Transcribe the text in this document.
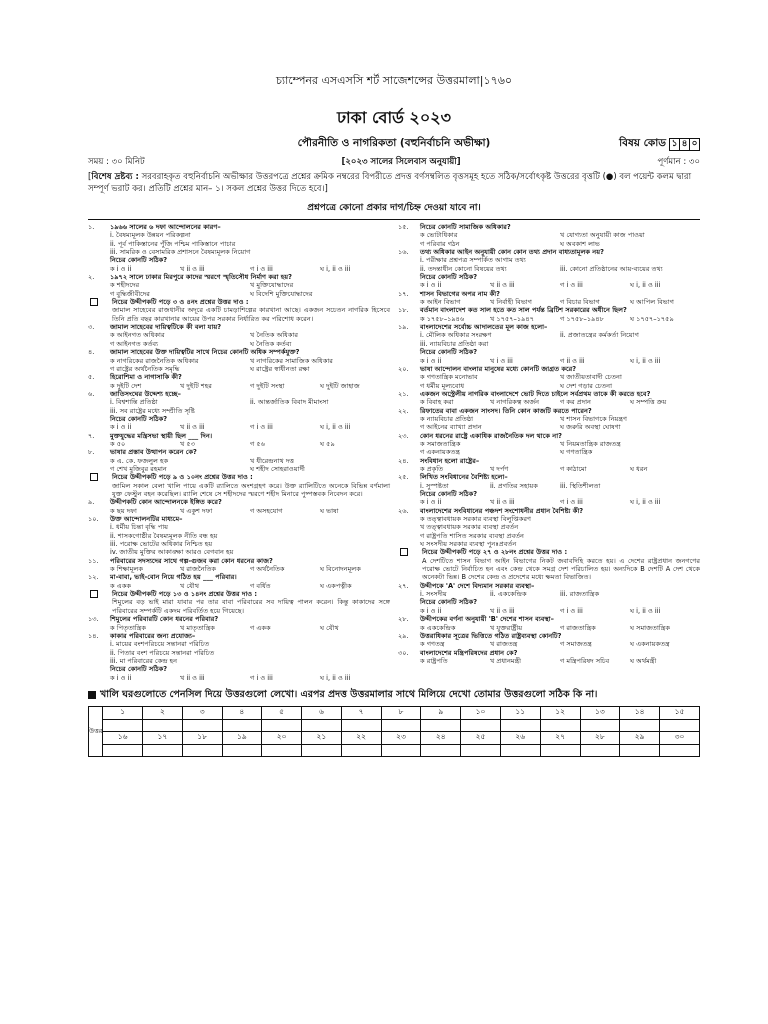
চ্যাম্পেনর এসএসসি শর্ট সাজেশন্সের উত্তরমালা|১৭৬০
ঢাকা বোর্ড ২০২৩
পৌরনীতি ও নাগরিকতা (বহুনির্বাচনি অভীক্ষা)	বিষয় কোড ১ ৪ ০
সময় : ৩০ মিনিট	[২০২৩ সালের সিলেবাস অনুযায়ী]	পূর্ণমান : ৩০
[বিশেষ দ্রষ্টব্য : সরবরাহকৃত বহুনির্বাচনি অভীক্ষার উত্তরপত্রে প্রশ্নের ক্রমিক নম্বরের বিপরীতে প্রদত্ত বর্ণসম্বলিত বৃত্তসমূহ হতে সঠিক/সর্বোৎকৃষ্ট উত্তরের বৃত্তটি (●) বল পয়েন্ট কলম দ্বারা সম্পূর্ণ ভরাট কর। প্রতিটি প্রশ্নের মান– ১। সকল প্রশ্নের উত্তর দিতে হবে।]
প্রশ্নপত্রে কোনো প্রকার দাগ/চিহ্ন দেওয়া যাবে না।
১.	১৯৬৬ সালের ৬ দফা আন্দোলনের কারণ–
i. বৈষম্যমূলক উন্নয়ন পরিকল্পনা
ii. পূর্ব পাকিস্তানের পুঁজি পশ্চিম পাকিস্তানে পাচার
iii. সামরিক ও বেসামরিক প্রশাসনে বৈষম্যমূলক নিয়োগ
নিচের কোনটি সঠিক?
ক i ও ii	খ ii ও iii	গ i ও iii	ঘ i, ii ও iii
২.	১৯৭২ সালে ঢাকার মিরপুরে কাদের স্মরণে স্মৃতিসৌধ নির্মাণ করা হয়?
ক শহীদদের	খ মুক্তিযোদ্ধাদের
গ বুদ্ধিজীবীদের	ঘ বিদেশি মুক্তিযোদ্ধাদের
নিচের উদ্দীপকটি পড়ে ৩ ও ৪নং প্রশ্নের উত্তর দাও :
জামাল সাহেবের রাজধানীর অদূরে একটি চামড়াশিল্পের কারখানা আছে। একজন সচেতন নাগরিক হিসেবে তিনি প্রতি বছর কারখানার আয়ের উপর সরকার নির্ধারিত কর পরিশোধ করেন।
৩.	জামাল সাহেবের দায়িত্বটিকে কী বলা যায়?
ক আইনগত অধিকার	খ নৈতিক অধিকার
গ আইনগত কর্তব্য	ঘ নৈতিক কর্তব্য
৪.	জামাল সাহেবের উক্ত দায়িত্বটির সাথে নিচের কোনটি অধিক সম্পর্কযুক্ত?
ক নাগরিকের রাজনৈতিক অধিকার	খ নাগরিকের সামাজিক অধিকার
গ রাষ্ট্রের অর্থনৈতিক সমৃদ্ধি	ঘ রাষ্ট্রের স্বাধীনতা রক্ষা
৫.	হিরোশিমা ও নাগাসাকি কী?
ক দুইটি দেশ	খ দুইটি শহর	গ দুইটি সংস্থা	ঘ দুইটি জাহাজ
৬.	জাতিসংঘের উদ্দেশ্য হচ্ছে–
i. বিশ্বশান্তি প্রতিষ্ঠা	ii. আন্তর্জাতিক বিবাদ মীমাংসা
iii. সব রাষ্ট্রের মধ্যে সম্প্রীতি সৃষ্টি
নিচের কোনটি সঠিক?
ক i ও ii	খ ii ও iii	গ i ও iii	ঘ i, ii ও iii
৭.	মুক্তযুদ্ধের মন্ত্রিসভা স্থায়ী ছিল ___ দিন।
ক ৫০	খ ৫৩	গ ৫৬	ঘ ৫৯
৮.	ভাষার প্রস্তাব উত্থাপন করেন কে?
ক এ. কে. ফজলুল হক	খ ধীরেন্দ্রনাথ দত্ত
গ শেখ মুজিবুর রহমান	ঘ শহীদ সোহরাওয়ার্দী
নিচের উদ্দীপকটি পড়ে ৯ ও ১০নং প্রশ্নের উত্তর দাও :
জামিল সকাল বেলা খালি পায়ে একটি র‍্যালিতে অংশগ্রহণ করে। উক্ত র‍্যালিটিতে অনেকে বিভিন্ন বর্ণমালা যুক্ত ফেস্টুন বহন করেছিল। র‍্যালি শেষে সে শহীদদের স্মরণে শহীদ মিনারে পুষ্পস্তবক নিবেদন করে।
৯.	উদ্দীপকটি কোন আন্দোলনকে ইঙ্গিত করে?
ক ছয় দফা	খ একুশ দফা	গ অসহযোগ	ঘ ভাষা
১০.	উক্ত আন্দোলনটির মাধ্যমে–
i. ধর্মীয় চিন্তা বৃদ্ধি পায়
ii. শাসকগোষ্ঠীর বৈষম্যমূলক নীতি বন্ধ হয়
iii. পরোক্ষ ভোটের অধিকার নিশ্চিত হয়
iv. জাতীয় মুক্তির আকাঙ্ক্ষা আরও বেগবান হয়
১১.	পরিবারের সদস্যদের সাথে গল্প-গুজব করা কোন ধরনের কাজ?
ক শিক্ষামূলক	খ রাজনৈতিক	গ অর্থনৈতিক	ঘ বিনোদনমূলক
১২.	মা-বাবা, ভাই-বোন নিয়ে গঠিত হয় ___ পরিবার।
ক একক	খ যৌথ	গ বর্ধিত	ঘ একপত্নীক
নিচের উদ্দীপকটি পড়ে ১৩ ও ১৪নং প্রশ্নের উত্তর দাও :
শিমুলের বড় ভাই মারা যাবার পর তার বাবা পরিবারের সব দায়িত্ব পালন করেন। কিন্তু কাকাদের সঙ্গে পরিবারের সম্পর্কটি একদম পরিবর্তিত হয়ে গিয়েছে।
১৩.	শিমুলের পরিবারটি কোন ধরনের পরিবার?
ক পিতৃতান্ত্রিক	খ মাতৃতান্ত্রিক	গ একক	ঘ যৌথ
১৪.	কাকার পরিবারের জন্য প্রযোজ্য–
i. মায়ের বংশপরিচয়ে সন্তানরা পরিচিত
ii. পিতার বংশ পরিচয়ে সন্তানরা পরিচিত
iii. মা পরিবারের কেন্দ্র হন
নিচের কোনটি সঠিক?
ক i ও ii	খ ii ও iii	গ i ও iii	ঘ i, ii ও iii
১৫.	নিচের কোনটি সামাজিক অধিকার?
ক ভোটাধিকার	খ যোগ্যতা অনুযায়ী কাজ পাওয়া
গ পরিবার গঠন	ঘ অবকাশ লাভ
১৬.	তথ্য অধিকার আইন অনুযায়ী কোন কোন তথ্য প্রদান বাধ্যতামূলক নয়?
i. পরীক্ষার প্রশ্নপত্র সম্পর্কিত আগাম তথ্য
ii. তদন্তাধীন কোনো বিষয়ের তথ্য	iii. কোনো প্রতিষ্ঠানের আয়-ব্যয়ের তথ্য
নিচের কোনটি সঠিক?
ক i ও ii	খ ii ও iii	গ i ও iii	ঘ i, ii ও iii
১৭.	শাসন বিভাগের অপর নাম কী?
ক আইন বিভাগ	খ নির্বাহী বিভাগ	গ বিচার বিভাগ	ঘ আপিল বিভাগ
১৮.	বর্তমান বাংলাদেশ কত সাল হতে কত সাল পর্যন্ত ব্রিটিশ সরকারের অধীনে ছিল?
ক ১৭৫৮–১৯৪৬	খ ১৭৫৭–১৯৪৭	গ ১৭৫৮–১৯৪৮	ঘ ১৭৫৭–১৭৫৯
১৯.	বাংলাদেশের সর্বোচ্চ আদালতের মূল কাজ হলো–
i. মৌলিক অধিকার সংরক্ষণ	ii. প্রজাতন্ত্রের কর্মকর্তা নিয়োগ
iii. ন্যায়বিচার প্রতিষ্ঠা করা
নিচের কোনটি সঠিক?
ক i ও ii	খ i ও iii	গ ii ও iii	ঘ i, ii ও iii
২০.	ভাষা আন্দোলন বাংলার মানুষের মধ্যে কোনটি জাগ্রত করে?
ক গণতান্ত্রিক মনোভাব	খ জাতীয়তাবাদী চেতনা
গ ধর্মীয় মূল্যবোধ	ঘ দেশ গড়ার চেতনা
২১.	একজন অস্ট্রেলীয় নাগরিক বাংলাদেশে ভোট দিতে চাইলে সর্বপ্রথম তাকে কী করতে হবে?
ক বিবাহ করা	খ নাগরিকত্ব অর্জন	গ কর প্রদান	ঘ সম্পত্তি ক্রয়
২২.	রিফাতের বাবা একজন সাংসদ। তিনি কোন কাজটি করতে পারেন?
ক ন্যায়বিচার প্রতিষ্ঠা	খ শাসন বিভাগকে নিয়ন্ত্রণ
গ আইনের ব্যাখ্যা প্রদান	ঘ জরুরি অবস্থা ঘোষণা
২৩.	কোন ধরনের রাষ্ট্রে একাধিক রাজনৈতিক দল থাকে না?
ক সমাজতান্ত্রিক	খ নিয়মতান্ত্রিক রাজতন্ত্র
গ একনায়কতন্ত্র	ঘ গণতান্ত্রিক
২৪.	সংবিধান হলো রাষ্ট্রের–
ক প্রকৃতি	খ দর্পণ	গ কাঠামো	ঘ ধরন
২৫.	লিখিত সংবিধানের বৈশিষ্ট্য হলো–
i. সুস্পষ্টতা	ii. প্রগতির সহায়ক	iii. স্থিতিশীলতা
নিচের কোনটি সঠিক?
ক i ও ii	খ ii ও iii	গ i ও iii	ঘ i, ii ও iii
২৬.	বাংলাদেশের সংবিধানের পঞ্চদশ সংশোধনীর প্রধান বৈশিষ্ট্য কী?
ক তত্ত্বাবধায়ক সরকার ব্যবস্থা বিলুপ্তিকরণ
খ তত্ত্বাবধায়ক সরকার ব্যবস্থা প্রবর্তন
গ রাষ্ট্রপতি শাসিত সরকার ব্যবস্থা প্রবর্তন
ঘ সংসদীয় সরকার ব্যবস্থা পুনঃপ্রবর্তন
নিচের উদ্দীপকটি পড়ে ২৭ ও ২৮নং প্রশ্নের উত্তর দাও :
A দেশটিতে শাসন বিভাগ আইন বিভাগের নিকট জবাবদিহি করতে হয়। এ দেশের রাষ্ট্রপ্রধান জনগণের পরোক্ষ ভোটে নির্বাচিত হন এবং কেন্দ্র থেকে সমগ্র দেশ পরিচালিত হয়। অন্যদিকে B দেশটি A দেশ থেকে অনেকটা ভিন্ন। B দেশের কেন্দ্র ও প্রদেশের মধ্যে ক্ষমতা বিভাজিত।
২৭.	উদ্দীপকে 'A' দেশে বিদ্যমান সরকার ব্যবস্থা–
i. সংসদীয়	ii. এককেন্দ্রিক	iii. রাজতান্ত্রিক
নিচের কোনটি সঠিক?
ক i ও ii	খ ii ও iii	গ i ও iii	ঘ i, ii ও iii
২৮.	উদ্দীপকের বর্ণনা অনুযায়ী 'B' দেশের শাসন ব্যবস্থা–
ক এককেন্দ্রিক	খ যুক্তরাষ্ট্রীয়	গ রাজতান্ত্রিক	ঘ সমাজতান্ত্রিক
২৯.	উত্তরাধিকার সূত্রের ভিত্তিতে গঠিত রাষ্ট্রব্যবস্থা কোনটি?
ক গণতন্ত্র	খ রাজতন্ত্র	গ সমাজতন্ত্র	ঘ একনায়কতন্ত্র
৩০.	বাংলাদেশের মন্ত্রিপরিষদের প্রধান কে?
ক রাষ্ট্রপতি	খ প্রধানমন্ত্রী	গ মন্ত্রিপরিষদ সচিব	ঘ অর্থমন্ত্রী
খালি ঘরগুলোতে পেনসিল দিয়ে উত্তরগুলো লেখো। এরপর প্রদত্ত উত্তরমালার সাথে মিলিয়ে দেখো তোমার উত্তরগুলো সঠিক কি না।
উত্তর	১	২	৩	৪	৫	৬	৭	৮	৯	১০	১১	১২	১৩	১৪	১৫

	১৬	১৭	১৮	১৯	২০	২১	২২	২৩	২৪	২৫	২৬	২৭	২৮	২৯	৩০
